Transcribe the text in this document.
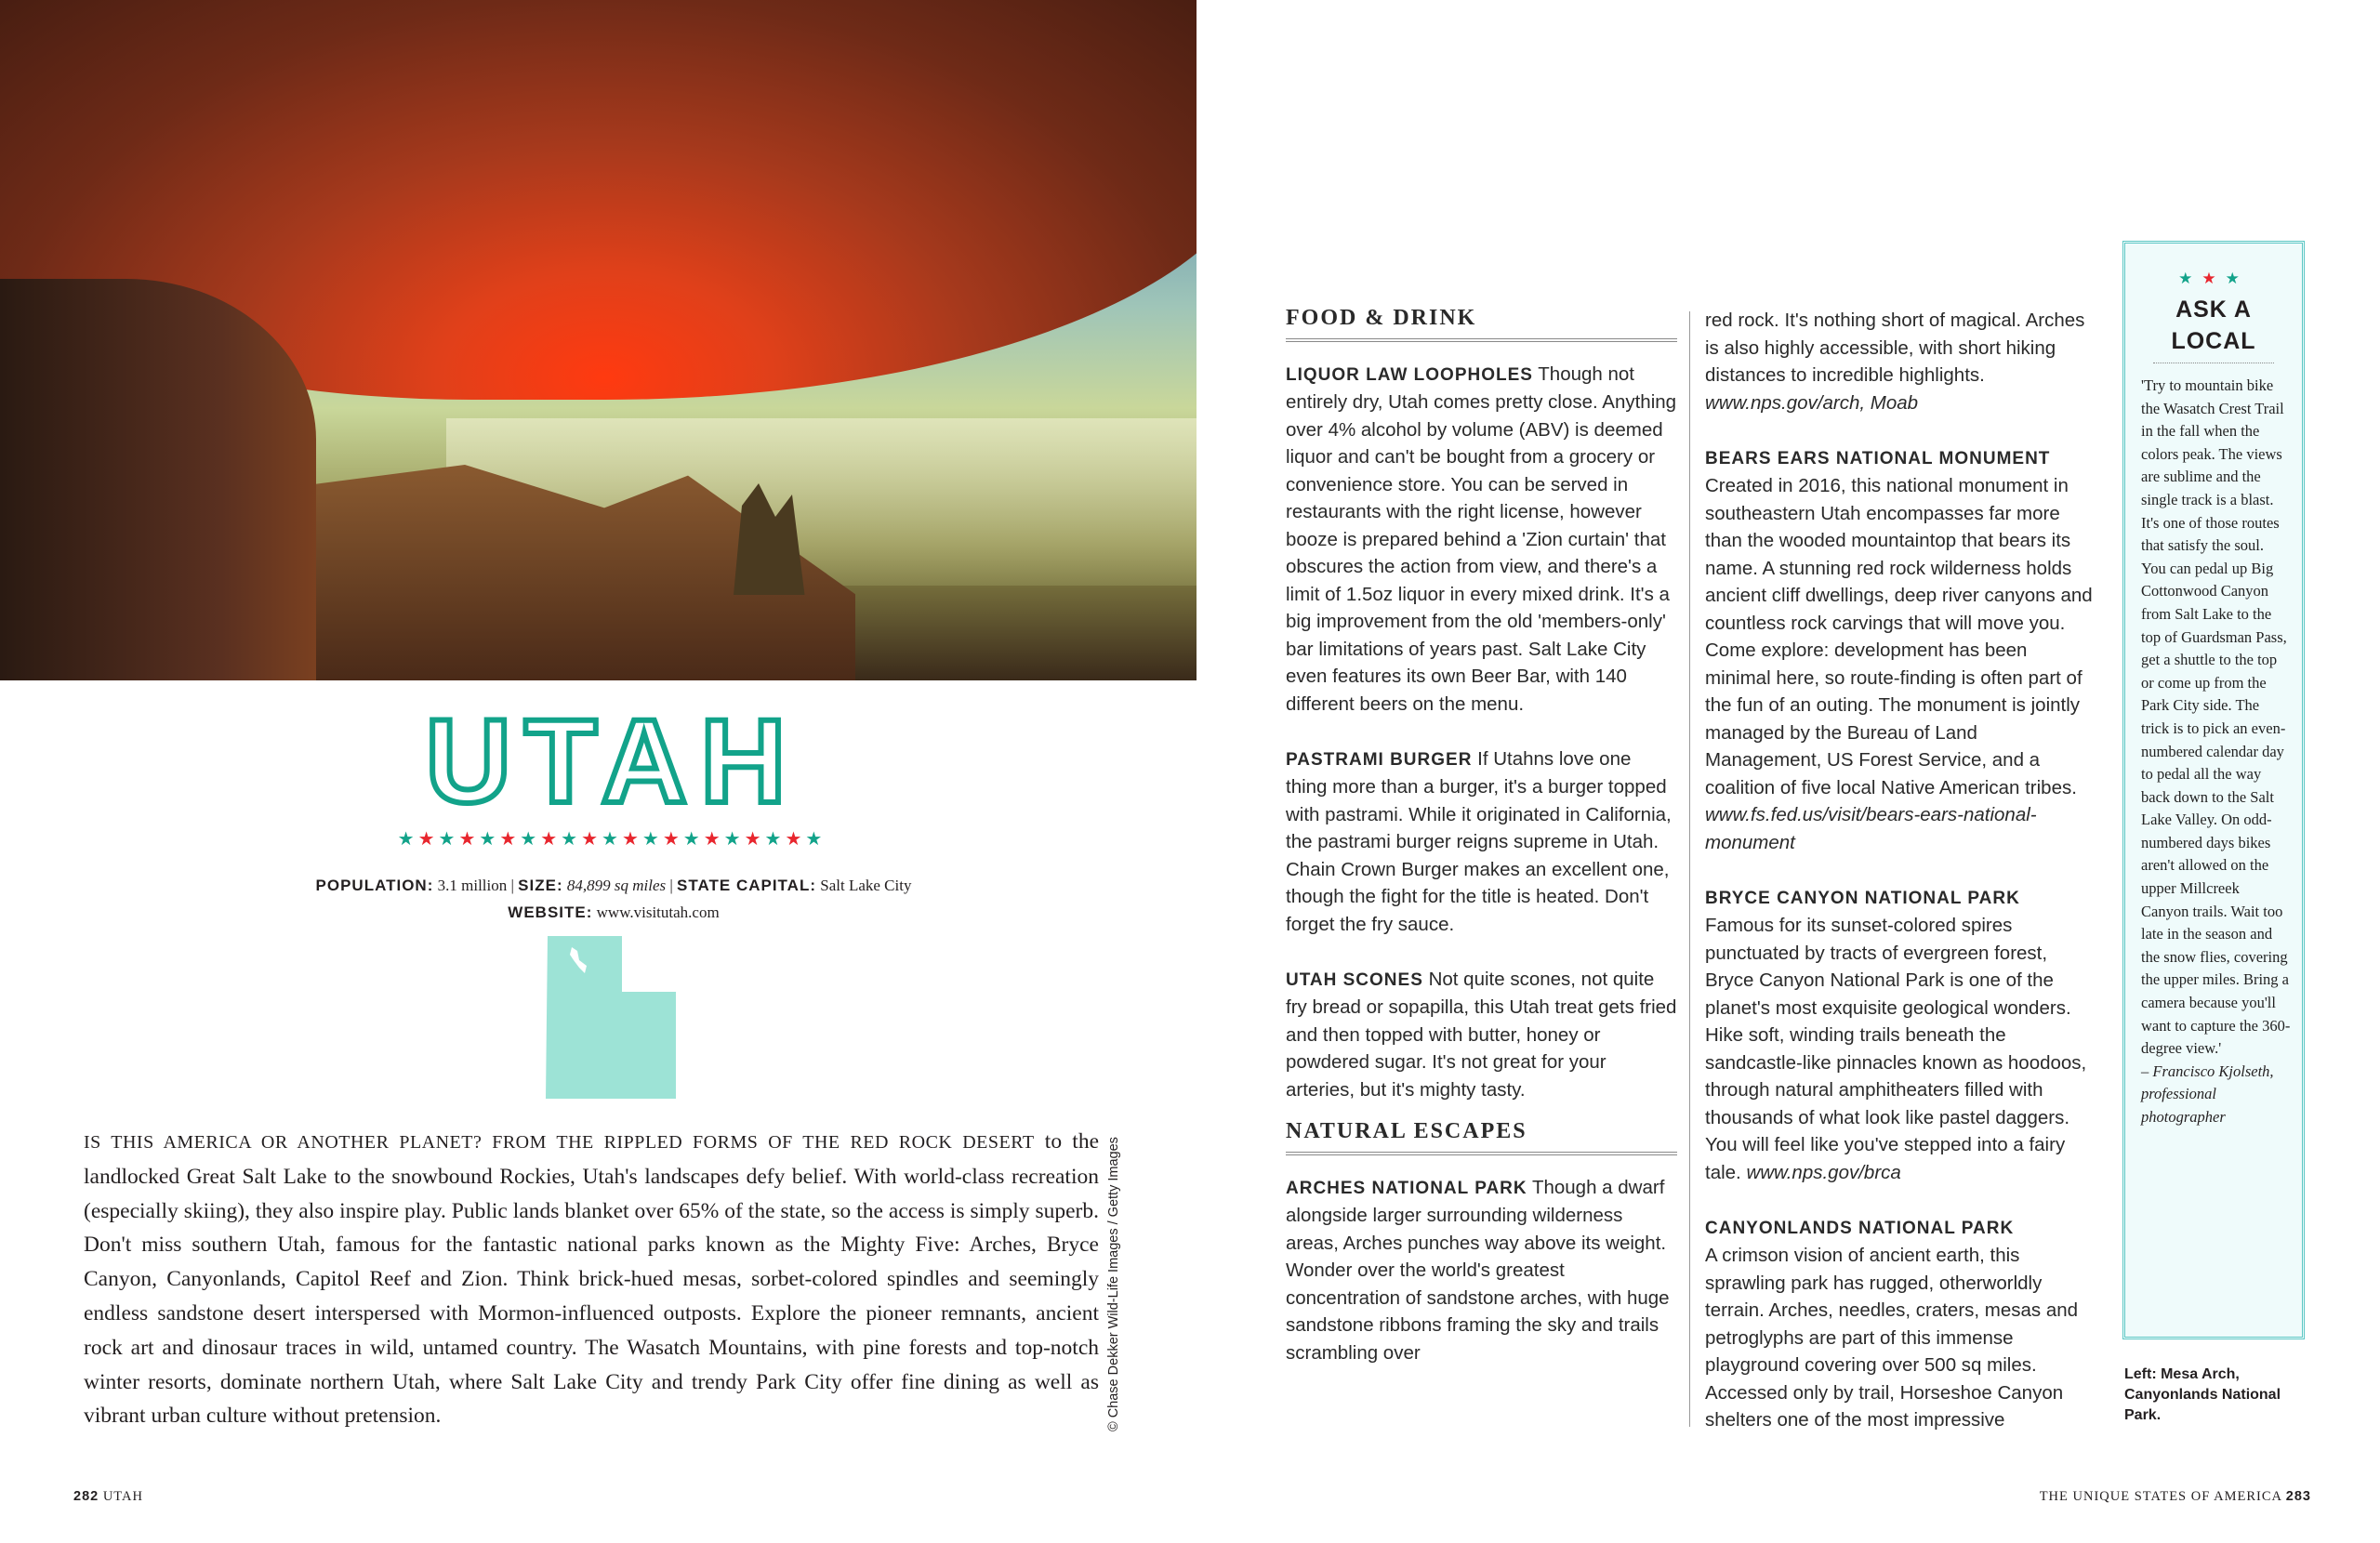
UTAH
★★★★★★★★★★★★★★★★★★★★★
POPULATION: 3.1 million | SIZE: 84,899 sq miles | STATE CAPITAL: Salt Lake City
WEBSITE: www.visitutah.com
IS THIS AMERICA OR ANOTHER PLANET? FROM THE RIPPLED FORMS OF THE RED ROCK DESERT to the landlocked Great Salt Lake to the snowbound Rockies, Utah's landscapes defy belief. With world-class recreation (especially skiing), they also inspire play. Public lands blanket over 65% of the state, so the access is simply superb. Don't miss southern Utah, famous for the fantastic national parks known as the Mighty Five: Arches, Bryce Canyon, Canyonlands, Capitol Reef and Zion. Think brick-hued mesas, sorbet-colored spindles and seemingly endless sandstone desert interspersed with Mormon-influenced outposts. Explore the pioneer remnants, ancient rock art and dinosaur traces in wild, untamed country. The Wasatch Mountains, with pine forests and top-notch winter resorts, dominate northern Utah, where Salt Lake City and trendy Park City offer fine dining as well as vibrant urban culture without pretension.	© Chase Dekker Wild-Life Images / Getty Images
FOOD & DRINK

LIQUOR LAW LOOPHOLES Though not entirely dry, Utah comes pretty close. Anything over 4% alcohol by volume (ABV) is deemed liquor and can't be bought from a grocery or convenience store. You can be served in restaurants with the right license, however booze is prepared behind a 'Zion curtain' that obscures the action from view, and there's a limit of 1.5oz liquor in every mixed drink. It's a big improvement from the old 'members-only' bar limitations of years past. Salt Lake City even features its own Beer Bar, with 140 different beers on the menu.

PASTRAMI BURGER If Utahns love one thing more than a burger, it's a burger topped with pastrami. While it originated in California, the pastrami burger reigns supreme in Utah. Chain Crown Burger makes an excellent one, though the fight for the title is heated. Don't forget the fry sauce.

UTAH SCONES Not quite scones, not quite fry bread or sopapilla, this Utah treat gets fried and then topped with butter, honey or powdered sugar. It's not great for your arteries, but it's mighty tasty.

NATURAL ESCAPES

ARCHES NATIONAL PARK Though a dwarf alongside larger surrounding wilderness areas, Arches punches way above its weight. Wonder over the world's greatest concentration of sandstone arches, with huge sandstone ribbons framing the sky and trails scrambling over

red rock. It's nothing short of magical. Arches is also highly accessible, with short hiking distances to incredible highlights. www.nps.gov/arch, Moab

BEARS EARS NATIONAL MONUMENT
Created in 2016, this national monument in southeastern Utah encompasses far more than the wooded mountaintop that bears its name. A stunning red rock wilderness holds ancient cliff dwellings, deep river canyons and countless rock carvings that will move you. Come explore: development has been minimal here, so route-finding is often part of the fun of an outing. The monument is jointly managed by the Bureau of Land Management, US Forest Service, and a coalition of five local Native American tribes. www.fs.fed.us/visit/bears-ears-national-monument

BRYCE CANYON NATIONAL PARK
Famous for its sunset-colored spires punctuated by tracts of evergreen forest, Bryce Canyon National Park is one of the planet's most exquisite geological wonders. Hike soft, winding trails beneath the sandcastle-like pinnacles known as hoodoos, through natural amphitheaters filled with thousands of what look like pastel daggers. You will feel like you've stepped into a fairy tale. www.nps.gov/brca

CANYONLANDS NATIONAL PARK
A crimson vision of ancient earth, this sprawling park has rugged, otherworldly terrain. Arches, needles, craters, mesas and petroglyphs are part of this immense playground covering over 500 sq miles. Accessed only by trail, Horseshoe Canyon shelters one of the most impressive

★★★
ASK A
LOCAL
'Try to mountain bike the Wasatch Crest Trail in the fall when the colors peak. The views are sublime and the single track is a blast. It's one of those routes that satisfy the soul. You can pedal up Big Cottonwood Canyon from Salt Lake to the top of Guardsman Pass, get a shuttle to the top or come up from the Park City side. The trick is to pick an even-numbered calendar day to pedal all the way back down to the Salt Lake Valley. On odd-numbered days bikes aren't allowed on the upper Millcreek Canyon trails. Wait too late in the season and the snow flies, covering the upper miles. Bring a camera because you'll want to capture the 360-degree view.'
– Francisco Kjolseth, professional photographer
Left: Mesa Arch, Canyonlands National Park.
282 UTAH	THE UNIQUE STATES OF AMERICA 283
